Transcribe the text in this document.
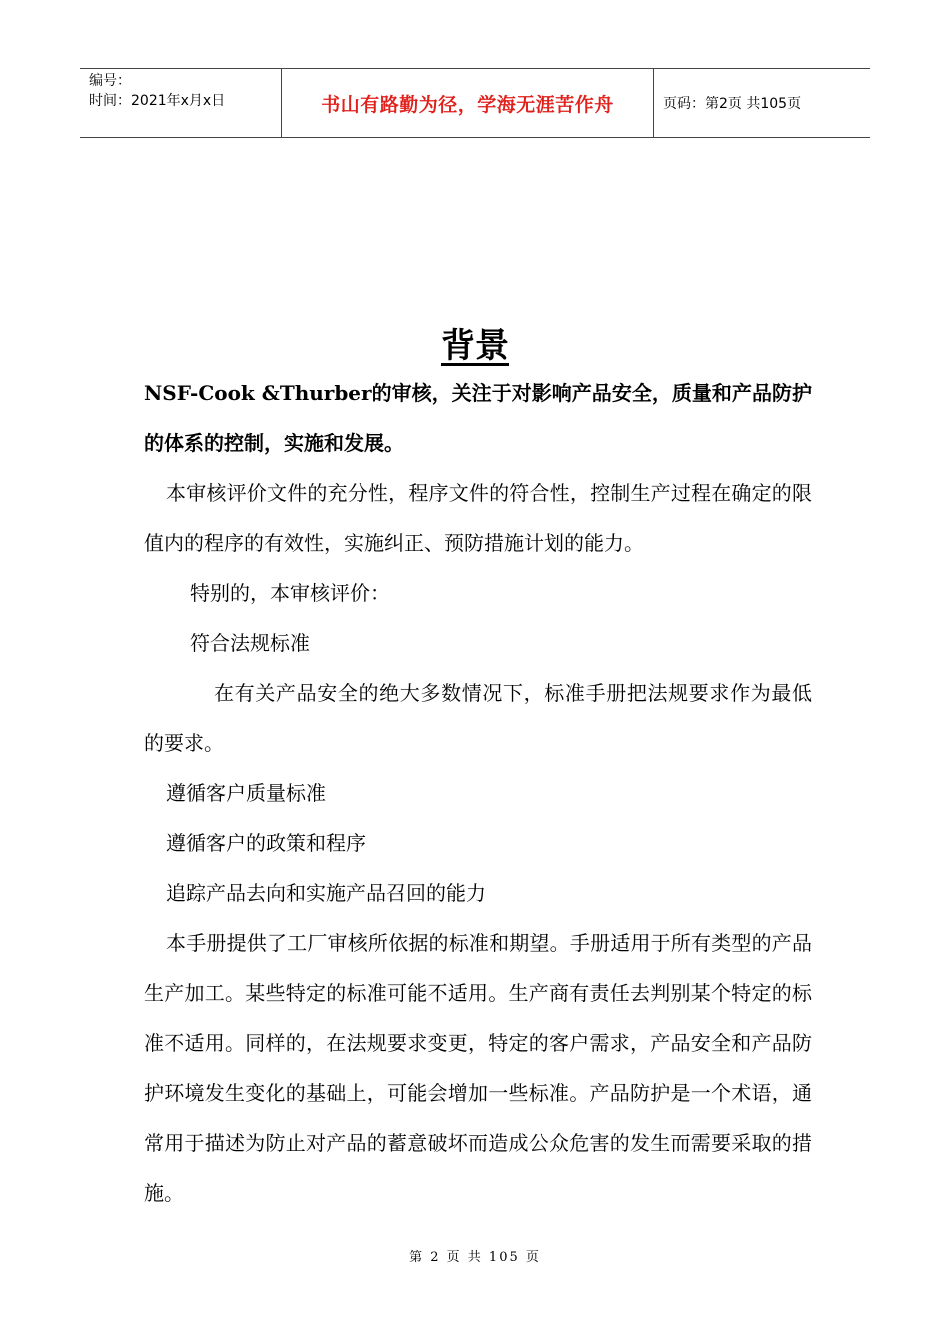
编号：
时间：2021年x月x日	书山有路勤为径，学海无涯苦作舟	页码：第2页 共105页
背景

NSF-Cook &Thurber的审核，关注于对影响产品安全，质量和产品防护的体系的控制，实施和发展。

本审核评价文件的充分性，程序文件的符合性，控制生产过程在确定的限值内的程序的有效性，实施纠正、预防措施计划的能力。

特别的，本审核评价：

符合法规标准

在有关产品安全的绝大多数情况下，标准手册把法规要求作为最低的要求。

遵循客户质量标准

遵循客户的政策和程序

追踪产品去向和实施产品召回的能力

本手册提供了工厂审核所依据的标准和期望。手册适用于所有类型的产品生产加工。某些特定的标准可能不适用。生产商有责任去判别某个特定的标准不适用。同样的，在法规要求变更，特定的客户需求，产品安全和产品防护环境发生变化的基础上，可能会增加一些标准。产品防护是一个术语，通常用于描述为防止对产品的蓄意破坏而造成公众危害的发生而需要采取的措施。

第 2 页 共 105 页
